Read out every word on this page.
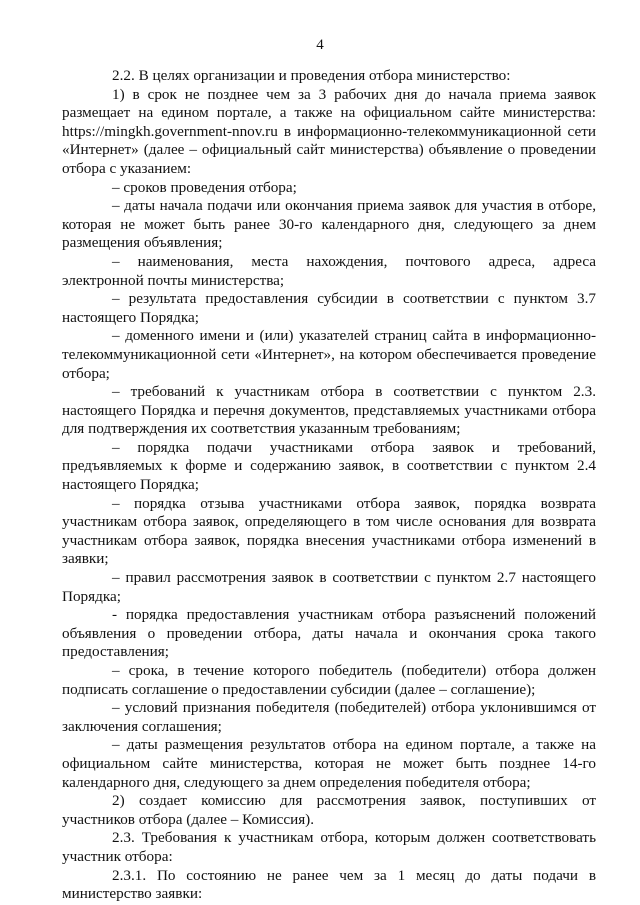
4

2.2. В целях организации и проведения отбора министерство:

1) в срок не позднее чем за 3 рабочих дня до начала приема заявок размещает на едином портале, а также на официальном сайте министерства: https://mingkh.government-nnov.ru в информационно-телекоммуникационной сети «Интернет» (далее – официальный сайт министерства) объявление о проведении отбора с указанием:

– сроков проведения отбора;

– даты начала подачи или окончания приема заявок для участия в отборе, которая не может быть ранее 30-го календарного дня, следующего за днем размещения объявления;

– наименования, места нахождения, почтового адреса, адреса электронной почты министерства;

– результата предоставления субсидии в соответствии с пунктом 3.7 настоящего Порядка;

– доменного имени и (или) указателей страниц сайта в информационно-телекоммуникационной сети «Интернет», на котором обеспечивается проведение отбора;

– требований к участникам отбора в соответствии с пунктом 2.3. настоящего Порядка и перечня документов, представляемых участниками отбора для подтверждения их соответствия указанным требованиям;

– порядка подачи участниками отбора заявок и требований, предъявляемых к форме и содержанию заявок, в соответствии с пунктом 2.4 настоящего Порядка;

– порядка отзыва участниками отбора заявок, порядка возврата участникам отбора заявок, определяющего в том числе основания для возврата участникам отбора заявок, порядка внесения участниками отбора изменений в заявки;

– правил рассмотрения заявок в соответствии с пунктом 2.7 настоящего Порядка;

- порядка предоставления участникам отбора разъяснений положений объявления о проведении отбора, даты начала и окончания срока такого предоставления;

– срока, в течение которого победитель (победители) отбора должен подписать соглашение о предоставлении субсидии (далее – соглашение);

– условий признания победителя (победителей) отбора уклонившимся от заключения соглашения;

– даты размещения результатов отбора на едином портале, а также на официальном сайте министерства, которая не может быть позднее 14-го календарного дня, следующего за днем определения победителя отбора;

2) создает комиссию для рассмотрения заявок, поступивших от участников отбора (далее – Комиссия).

2.3. Требования к участникам отбора, которым должен соответствовать участник отбора:

2.3.1. По состоянию не ранее чем за 1 месяц до даты подачи в министерство заявки:
